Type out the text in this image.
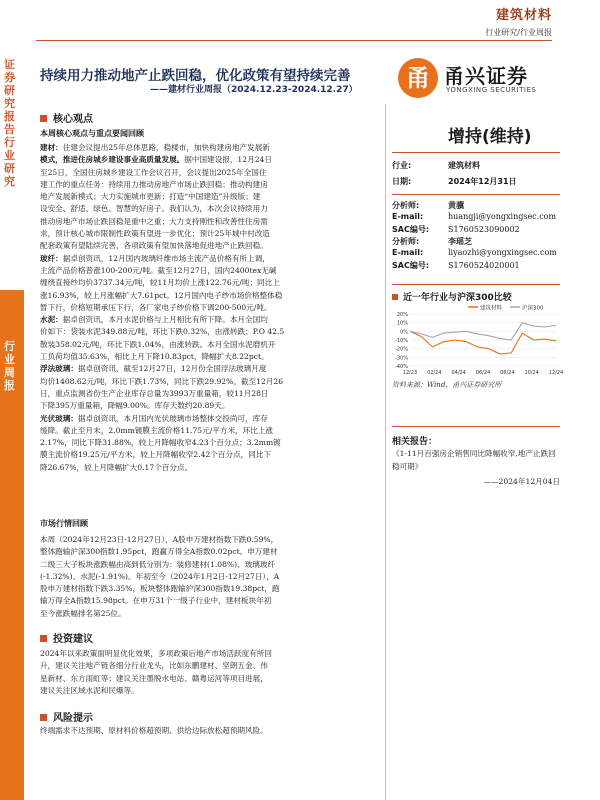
建筑材料
行业研究/行业周报
证券研究报告 行业研究
行业周报
持续用力推动地产止跌回稳，优化政策有望持续完善
——建材行业周报（2024.12.23-2024.12.27）	甬 甬兴证券
YONGXING SECURITIES
核心观点
本周核心观点与重点要闻回顾
建材：住建会议提出25年总体思路，稳楼市，加快构建房地产发展新
模式，推进住房城乡建设事业高质量发展。据中国建设报，12月24日
至25日，全国住房城乡建设工作会议召开，会议提出2025年全国住
建工作的重点任务：持续用力推动房地产市场止跌回稳；推动构建房
地产发展新模式；大力实施城市更新；打造“中国建造”升级版；建
设安全、舒适、绿色、智慧的好房子。我们认为，本次会议持续用力
推动房地产市场止跌回稳是重中之重；大力支持刚性和改善性住房需
求，预计核心城市限制性政策有望进一步优化；预计25年城中村改造
配套政策有望陆续完善，各项政策有望加快落地促进地产止跌回稳。
玻纤：据卓创资讯，12月国内玻璃纤维市场主流产品价格有所上调，
主流产品价格普涨100-200元/吨。截至12月27日，国内2400tex无碱
缠绕直接纱均价3737.34元/吨，较11月均价上涨122.76元/吨；同比上
涨16.93%，较上月涨幅扩大7.61pct。12月国内电子纱市场价格整体稳
暂下行，价格短期承压下行，各厂家电子纱价格下调200-500元/吨。
水泥：据卓创资讯，本月水泥价格与上月相比有所下降。本月全国均
价如下：袋装水泥349.88元/吨，环比下跌0.32%，由涨转跌；P.O 42.5
散装358.02元/吨，环比下跌1.04%，由涨转跌。本月全国水泥磨机开
工负荷均值35.63%，相比上月下降10.83pct，降幅扩大8.22pct。
浮法玻璃：据卓创资讯，截至12月27日，12月份全国浮法玻璃月度
均价1408.62元/吨，环比下跌1.73%，同比下跌29.92%。截至12月26
日，重点监测省份生产企业库存总量为3993万重量箱，较11月28日
下降395万重量箱，降幅9.00%。库存天数约20.89天。
光伏玻璃：据卓创资讯，本月国内光伏玻璃市场整体交投尚可，库存
缓降。截止至月末，2.0mm镀膜主流价格11.75元/平方米，环比上涨
2.17%，同比下降31.88%，较上月降幅收窄4.23个百分点；3.2mm镀
膜主流价格19.25元/平方米，较上月降幅收窄2.42个百分点，同比下
降26.67%，较上月降幅扩大0.17个百分点。
市场行情回顾
本周（2024年12月23日-12月27日），A股申万建材指数下跌0.59%，
整体跑输沪深300指数1.95pct，跑赢万得全A指数0.02pct。申万建材
二级三大子板块涨跌幅由高到低分别为：装修建材(1.08%)、玻璃玻纤
(-1.32%)、水泥(-1.91%)。年初至今（2024年1月2日-12月27日），A
股申万建材指数下跌3.35%，板块整体跑输沪深300指数19.38pct，跑
输万得全A指数15.98pct。在申万31个一级子行业中，建材板块年初
至今涨跌幅排名第25位。
投资建议
2024年以来政策面明显优化效果，多项政策后地产市场活跃度有所回
升，建议关注地产链各细分行业龙头，比如东鹏建材、坚朗五金、伟
星新材、东方雨虹等；建议关注墨脱水电站、赣粤运河等项目进展，
建议关注区域水泥和民爆等。
风险提示
终端需求不达预期、原材料价格超预期、供给边际放松超预期风险。
增持(维持)
行业:	建筑材料
日期:	2024年12月31日
分析师:	黄骥
E-mail:	huangji@yongxingsec.com
SAC编号: S1760523090002
分析师:	李瑶芝
E-mail:	liyaozhi@yongxingsec.com
SAC编号: S1760524020001
近一年行业与沪深300比较
建筑材料	沪深300
20%
10%
0%
-10%
-20%
-30%
-40%
12/23 02/24 04/24 06/24 08/24 10/24 12/24
资料来源：Wind，甬兴证券研究所
相关报告：
《1-11月百强房企销售同比降幅收窄,地产止跌回稳可期》
——2024年12月04日
